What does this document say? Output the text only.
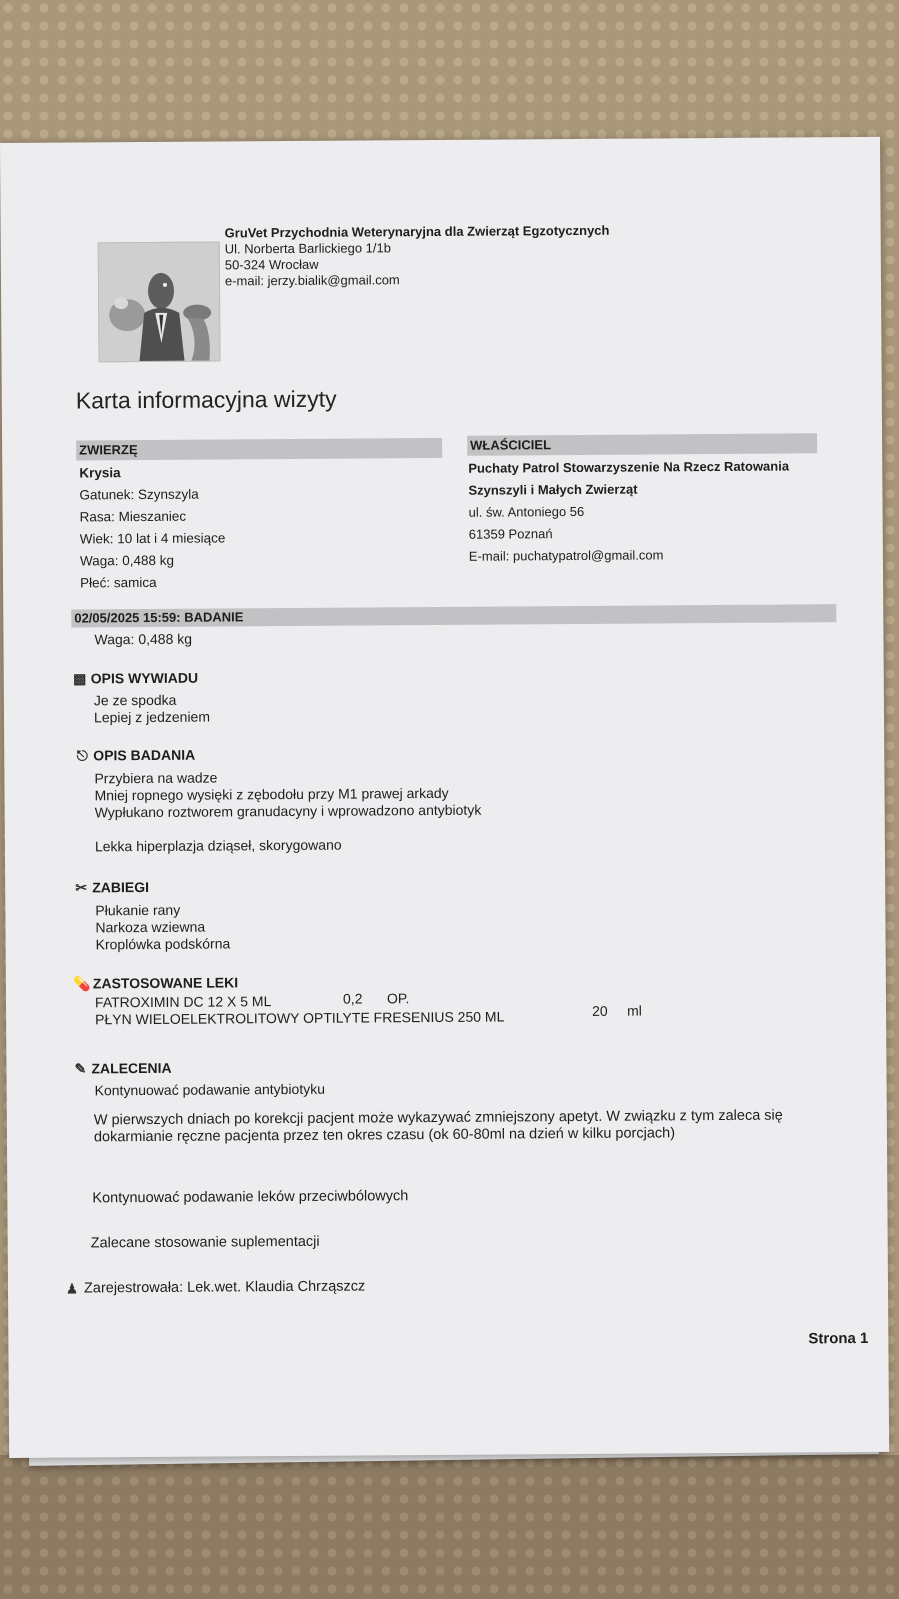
GruVet Przychodnia Weterynaryjna dla Zwierząt Egzotycznych
Ul. Norberta Barlickiego 1/1b
50-324 Wrocław
e-mail: jerzy.bialik@gmail.com
Karta informacyjna wizyty
ZWIERZĘ
Krysia
Gatunek: Szynszyla
Rasa: Mieszaniec
Wiek: 10 lat i 4 miesiące
Waga: 0,488 kg
Płeć: samica
WŁAŚCICIEL
Puchaty Patrol Stowarzyszenie Na Rzecz Ratowania
Szynszyli i Małych Zwierząt
ul. św. Antoniego 56
61359 Poznań
E-mail: puchatypatrol@gmail.com
02/05/2025 15:59: BADANIE
Waga: 0,488 kg
▩ OPIS WYWIADU
Je ze spodka
Lepiej z jedzeniem
⎋ OPIS BADANIA
Przybiera na wadze
Mniej ropnego wysięki z zębodołu przy M1 prawej arkady
Wypłukano roztworem granudacyny i wprowadzono antybiotyk
Lekka hiperplazja dziąseł, skorygowano
✂ ZABIEGI
Płukanie rany
Narkoza wziewna
Kroplówka podskórna
💊 ZASTOSOWANE LEKI
FATROXIMIN DC 12 X 5 ML	0,2 OP.
PŁYN WIELOELEKTROLITOWY OPTILYTE FRESENIUS 250 ML	20 ml
✎ ZALECENIA
Kontynuować podawanie antybiotyku
W pierwszych dniach po korekcji pacjent może wykazywać zmniejszony apetyt. W związku z tym zaleca się
dokarmianie ręczne pacjenta przez ten okres czasu (ok 60-80ml na dzień w kilku porcjach)
Kontynuować podawanie leków przeciwbólowych
Zalecane stosowanie suplementacji
♟ Zarejestrowała: Lek.wet. Klaudia Chrząszcz
Strona 1
